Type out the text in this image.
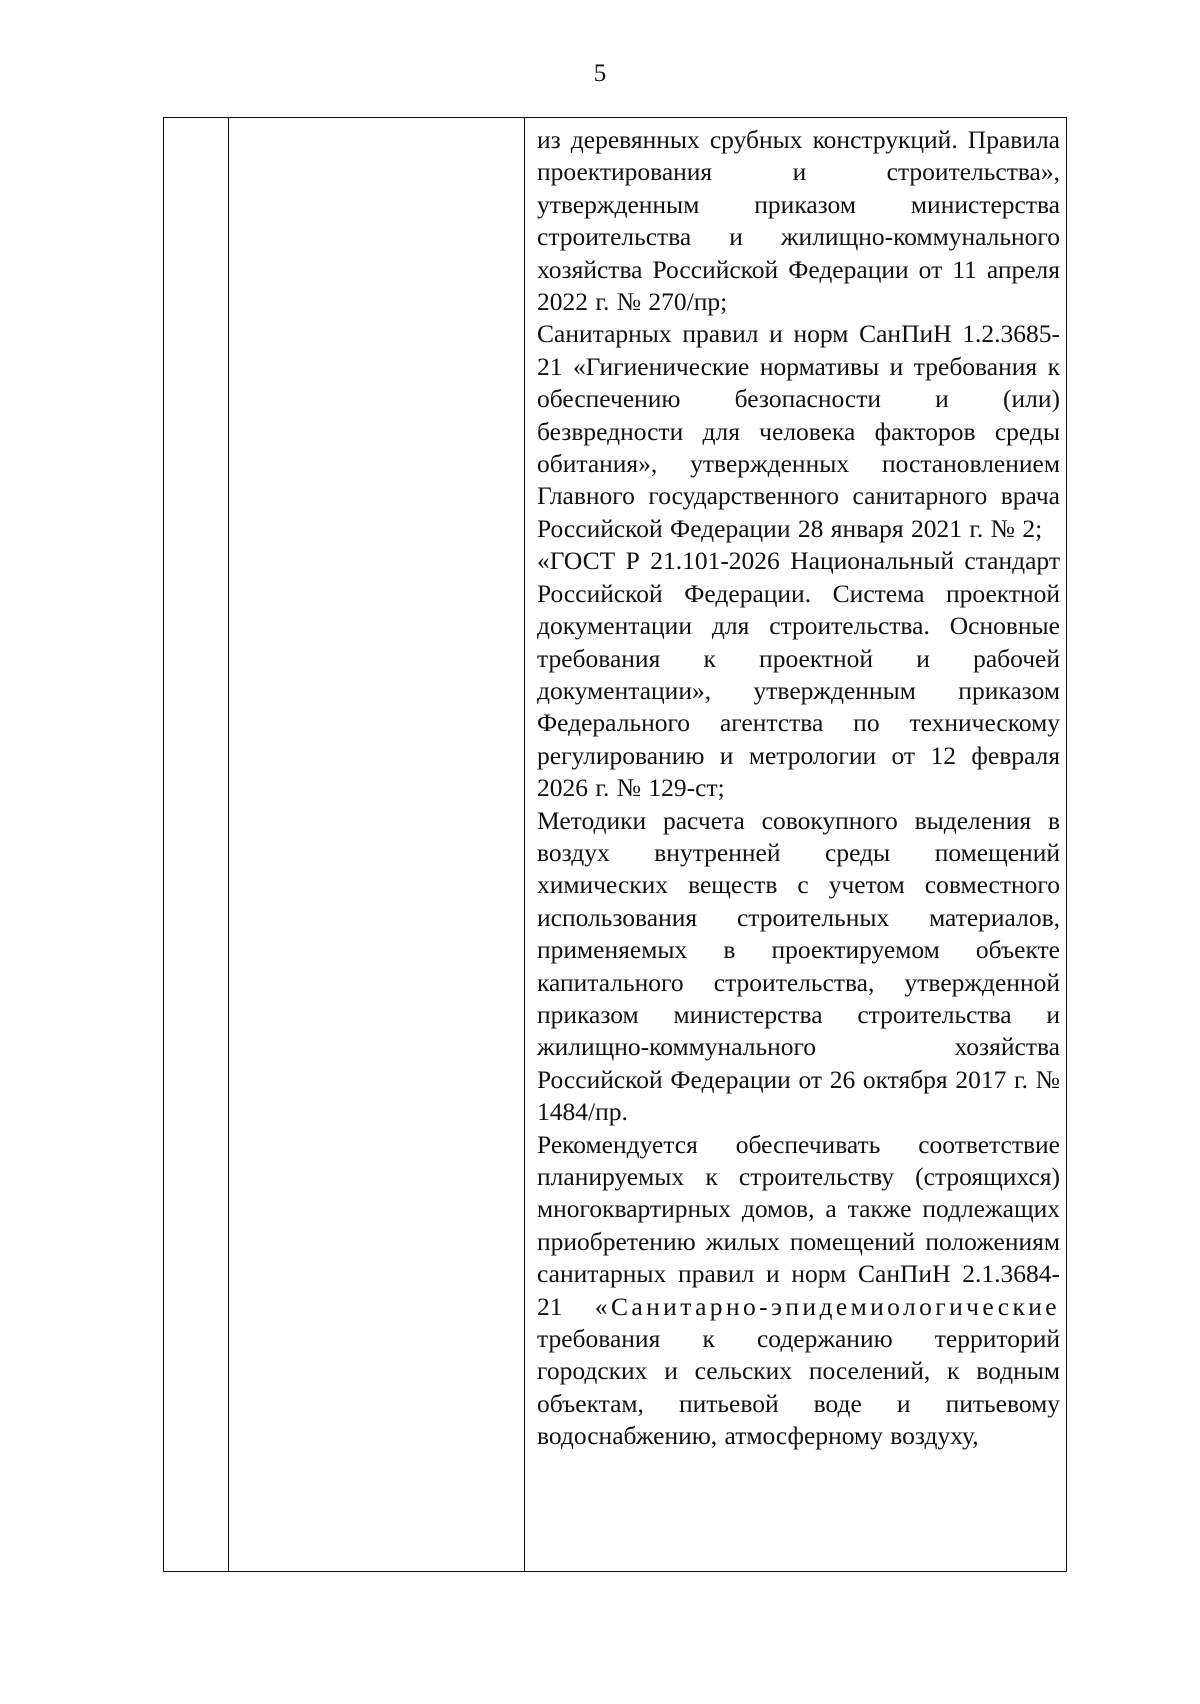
5

из деревянных срубных конструкций. Правила проектирования и строительства», утвержденным приказом министерства строительства и жилищно-коммунального хозяйства Российской Федерации от 11 апреля 2022 г. № 270/пр;

Санитарных правил и норм СанПиН 1.2.3685-21 «Гигиенические нормативы и требования к обеспечению безопасности и (или) безвредности для человека факторов среды обитания», утвержденных постановлением Главного государственного санитарного врача Российской Федерации 28 января 2021 г. № 2;

«ГОСТ Р 21.101-2026 Национальный стандарт Российской Федерации. Система проектной документации для строительства. Основные требования к проектной и рабочей документации», утвержденным приказом Федерального агентства по техническому регулированию и метрологии от 12 февраля 2026 г. № 129-ст;

Методики расчета совокупного выделения в воздух внутренней среды помещений химических веществ с учетом совместного использования строительных материалов, применяемых в проектируемом объекте капитального строительства, утвержденной приказом министерства строительства и жилищно-коммунального хозяйства Российской Федерации от 26 октября 2017 г. № 1484/пр.

Рекомендуется обеспечивать соответствие планируемых к строительству (строящихся) многоквартирных домов, а также подлежащих приобретению жилых помещений положениям санитарных правил и норм СанПиН 2.1.3684-21 «Санитарно-эпидемиологические требования к содержанию территорий городских и сельских поселений, к водным объектам, питьевой воде и питьевому водоснабжению, атмосферному воздуху,
